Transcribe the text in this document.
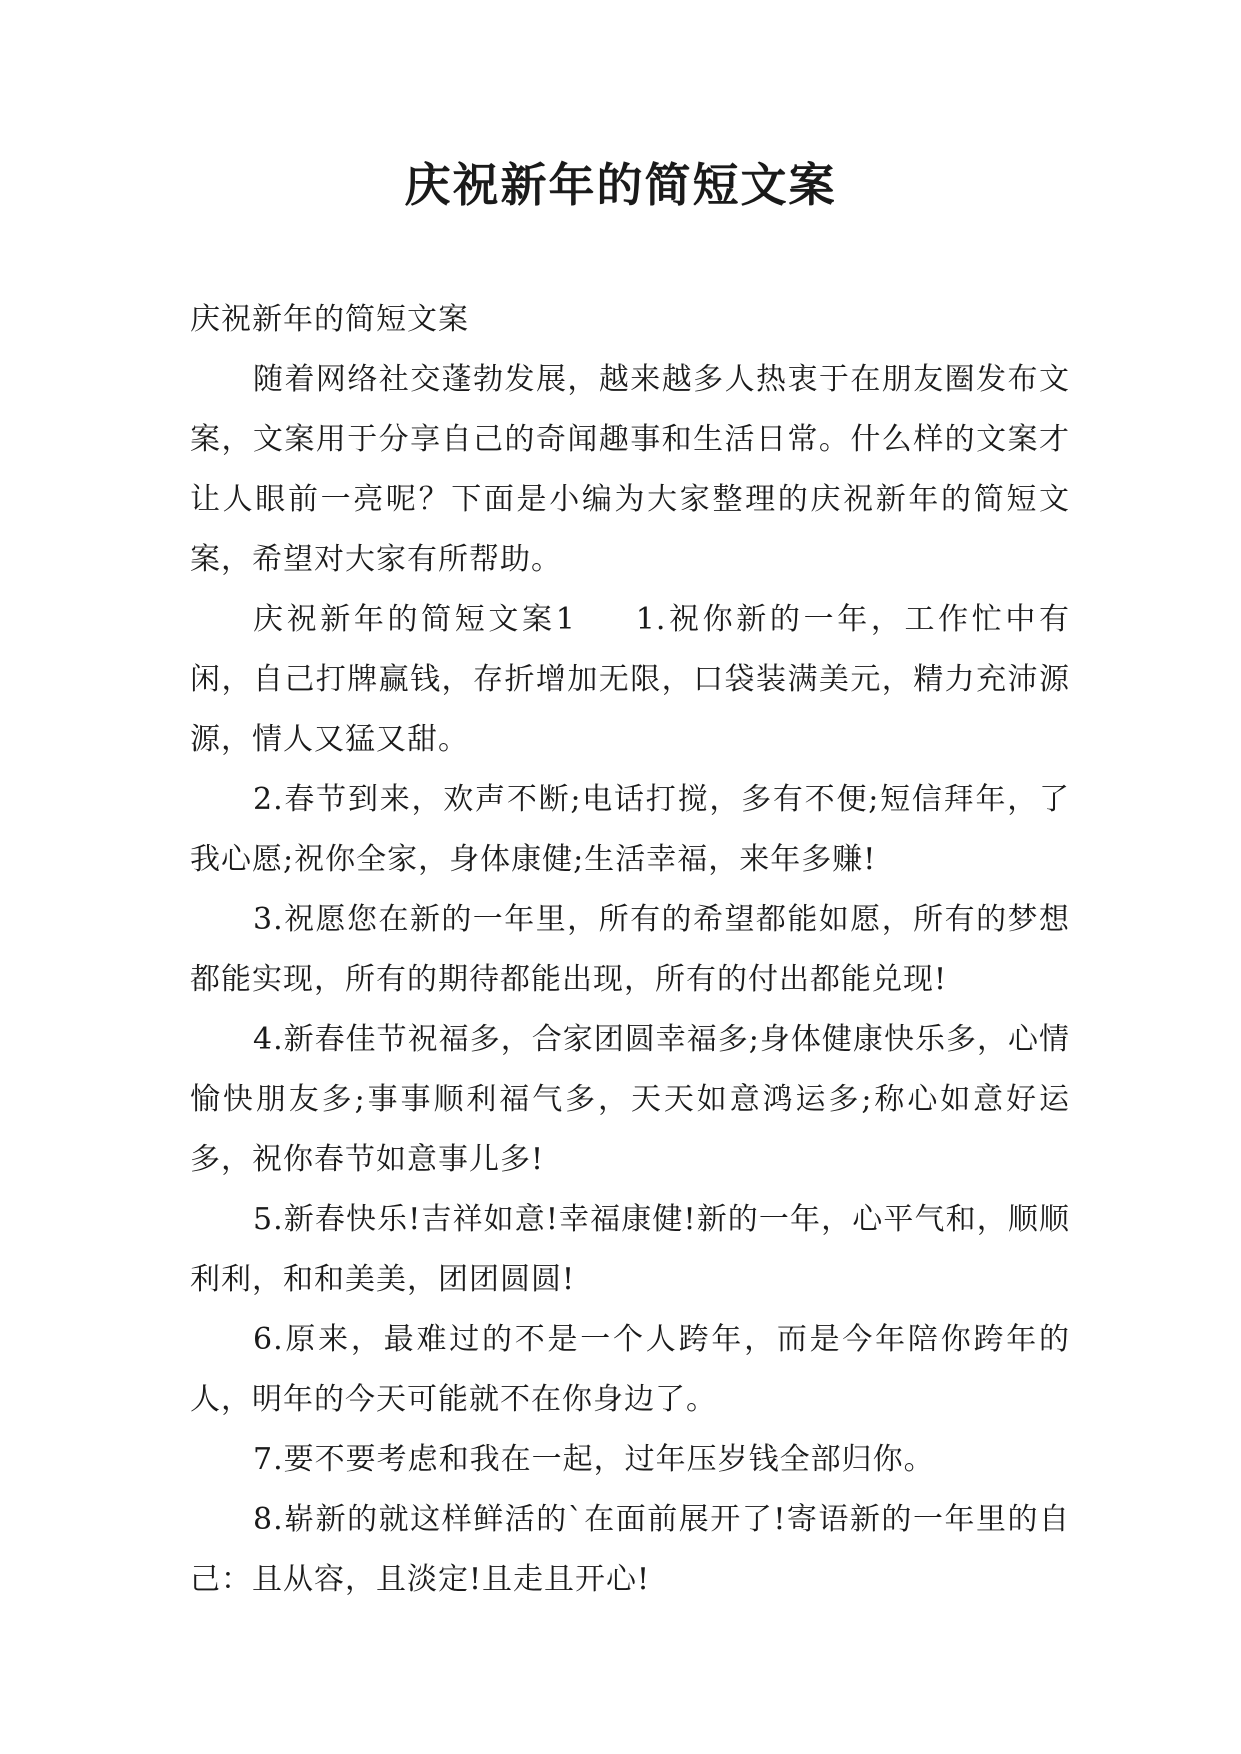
庆祝新年的简短文案

庆祝新年的简短文案

随着网络社交蓬勃发展，越来越多人热衷于在朋友圈发布文案，文案用于分享自己的奇闻趣事和生活日常。什么样的文案才让人眼前一亮呢？下面是小编为大家整理的庆祝新年的简短文案，希望对大家有所帮助。

庆祝新年的简短文案1 1.祝你新的一年，工作忙中有闲，自己打牌赢钱，存折增加无限，口袋装满美元，精力充沛源源，情人又猛又甜。

2.春节到来，欢声不断;电话打搅，多有不便;短信拜年，了我心愿;祝你全家，身体康健;生活幸福，来年多赚!

3.祝愿您在新的一年里，所有的希望都能如愿，所有的梦想都能实现，所有的期待都能出现，所有的付出都能兑现!

4.新春佳节祝福多，合家团圆幸福多;身体健康快乐多，心情愉快朋友多;事事顺利福气多，天天如意鸿运多;称心如意好运多，祝你春节如意事儿多!

5.新春快乐!吉祥如意!幸福康健!新的一年，心平气和，顺顺利利，和和美美，团团圆圆!

6.原来，最难过的不是一个人跨年，而是今年陪你跨年的人，明年的今天可能就不在你身边了。

7.要不要考虑和我在一起，过年压岁钱全部归你。

8.崭新的就这样鲜活的`在面前展开了!寄语新的一年里的自己：且从容，且淡定!且走且开心!
